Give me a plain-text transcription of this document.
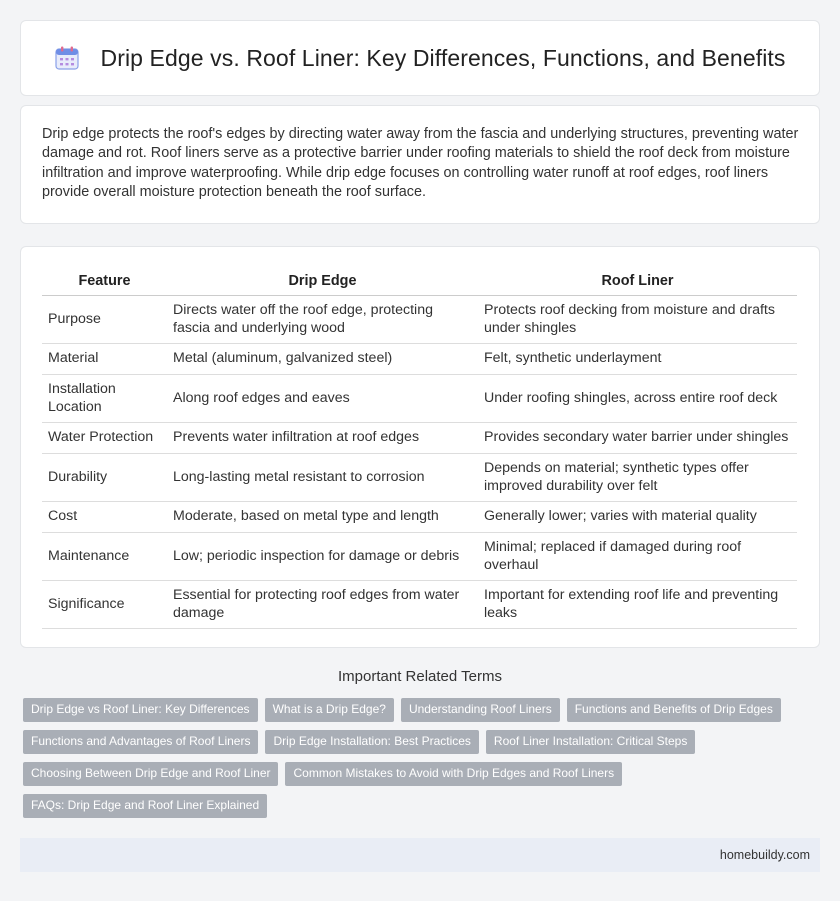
Drip Edge vs. Roof Liner: Key Differences, Functions, and Benefits

Drip edge protects the roof's edges by directing water away from the fascia and underlying structures, preventing water damage and rot. Roof liners serve as a protective barrier under roofing materials to shield the roof deck from moisture infiltration and improve waterproofing. While drip edge focuses on controlling water runoff at roof edges, roof liners provide overall moisture protection beneath the roof surface.

Feature	Drip Edge	Roof Liner
Purpose	Directs water off the roof edge, protecting fascia and underlying wood	Protects roof decking from moisture and drafts under shingles
Material	Metal (aluminum, galvanized steel)	Felt, synthetic underlayment
Installation Location	Along roof edges and eaves	Under roofing shingles, across entire roof deck
Water Protection	Prevents water infiltration at roof edges	Provides secondary water barrier under shingles
Durability	Long-lasting metal resistant to corrosion	Depends on material; synthetic types offer improved durability over felt
Cost	Moderate, based on metal type and length	Generally lower; varies with material quality
Maintenance	Low; periodic inspection for damage or debris	Minimal; replaced if damaged during roof overhaul
Significance	Essential for protecting roof edges from water damage	Important for extending roof life and preventing leaks
Important Related Terms
Drip Edge vs Roof Liner: Key Differences	What is a Drip Edge?	Understanding Roof Liners	Functions and Benefits of Drip Edges
Functions and Advantages of Roof Liners	Drip Edge Installation: Best Practices	Roof Liner Installation: Critical Steps
Choosing Between Drip Edge and Roof Liner	Common Mistakes to Avoid with Drip Edges and Roof Liners
FAQs: Drip Edge and Roof Liner Explained
homebuildy.com
